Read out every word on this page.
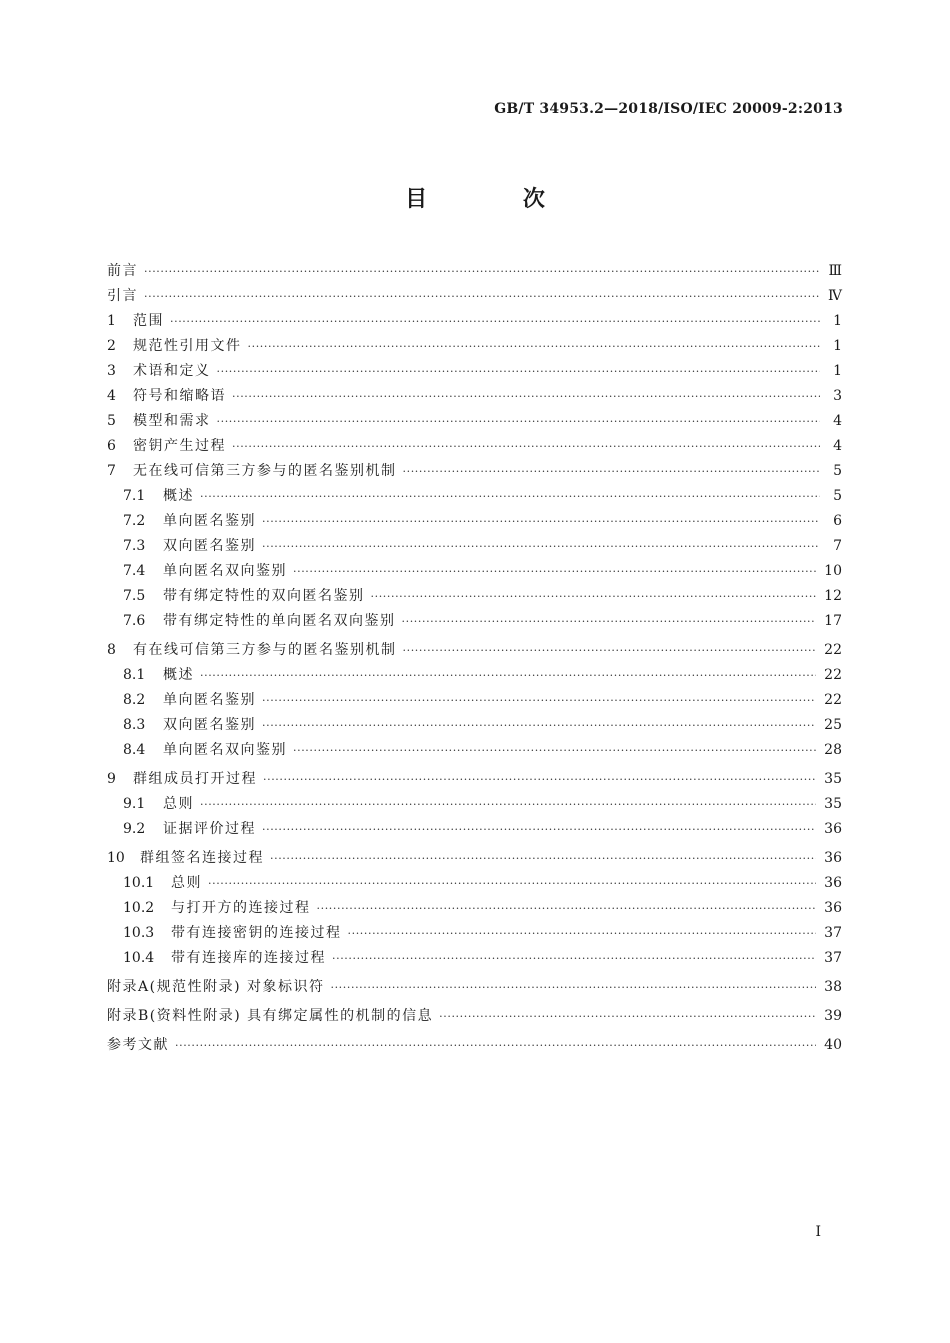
GB/T 34953.2—2018/ISO/IEC 20009-2:2013
目 次
前言 ·····	Ⅲ
引言 ·····	Ⅳ
1	范围 ·····	1
2	规范性引用文件 ·····	1
3	术语和定义 ·····	1
4	符号和缩略语 ·····	3
5	模型和需求 ·····	4
6	密钥产生过程 ·····	4
7	无在线可信第三方参与的匿名鉴别机制 ·····	5
7.1	概述 ·····	5
7.2	单向匿名鉴别 ·····	6
7.3	双向匿名鉴别 ·····	7
7.4	单向匿名双向鉴别 ·····	10
7.5	带有绑定特性的双向匿名鉴别 ·····	12
7.6	带有绑定特性的单向匿名双向鉴别 ·····	17
8	有在线可信第三方参与的匿名鉴别机制 ·····	22
8.1	概述 ·····	22
8.2	单向匿名鉴别 ·····	22
8.3	双向匿名鉴别 ·····	25
8.4	单向匿名双向鉴别 ·····	28
9	群组成员打开过程 ·····	35
9.1	总则 ·····	35
9.2	证据评价过程 ·····	36
10	群组签名连接过程 ·····	36
10.1	总则 ·····	36
10.2	与打开方的连接过程 ·····	36
10.3	带有连接密钥的连接过程 ·····	37
10.4	带有连接库的连接过程 ·····	37
附录A(规范性附录) 对象标识符 ·····	38
附录B(资料性附录) 具有绑定属性的机制的信息 ·····	39
参考文献 ·····	40
I
